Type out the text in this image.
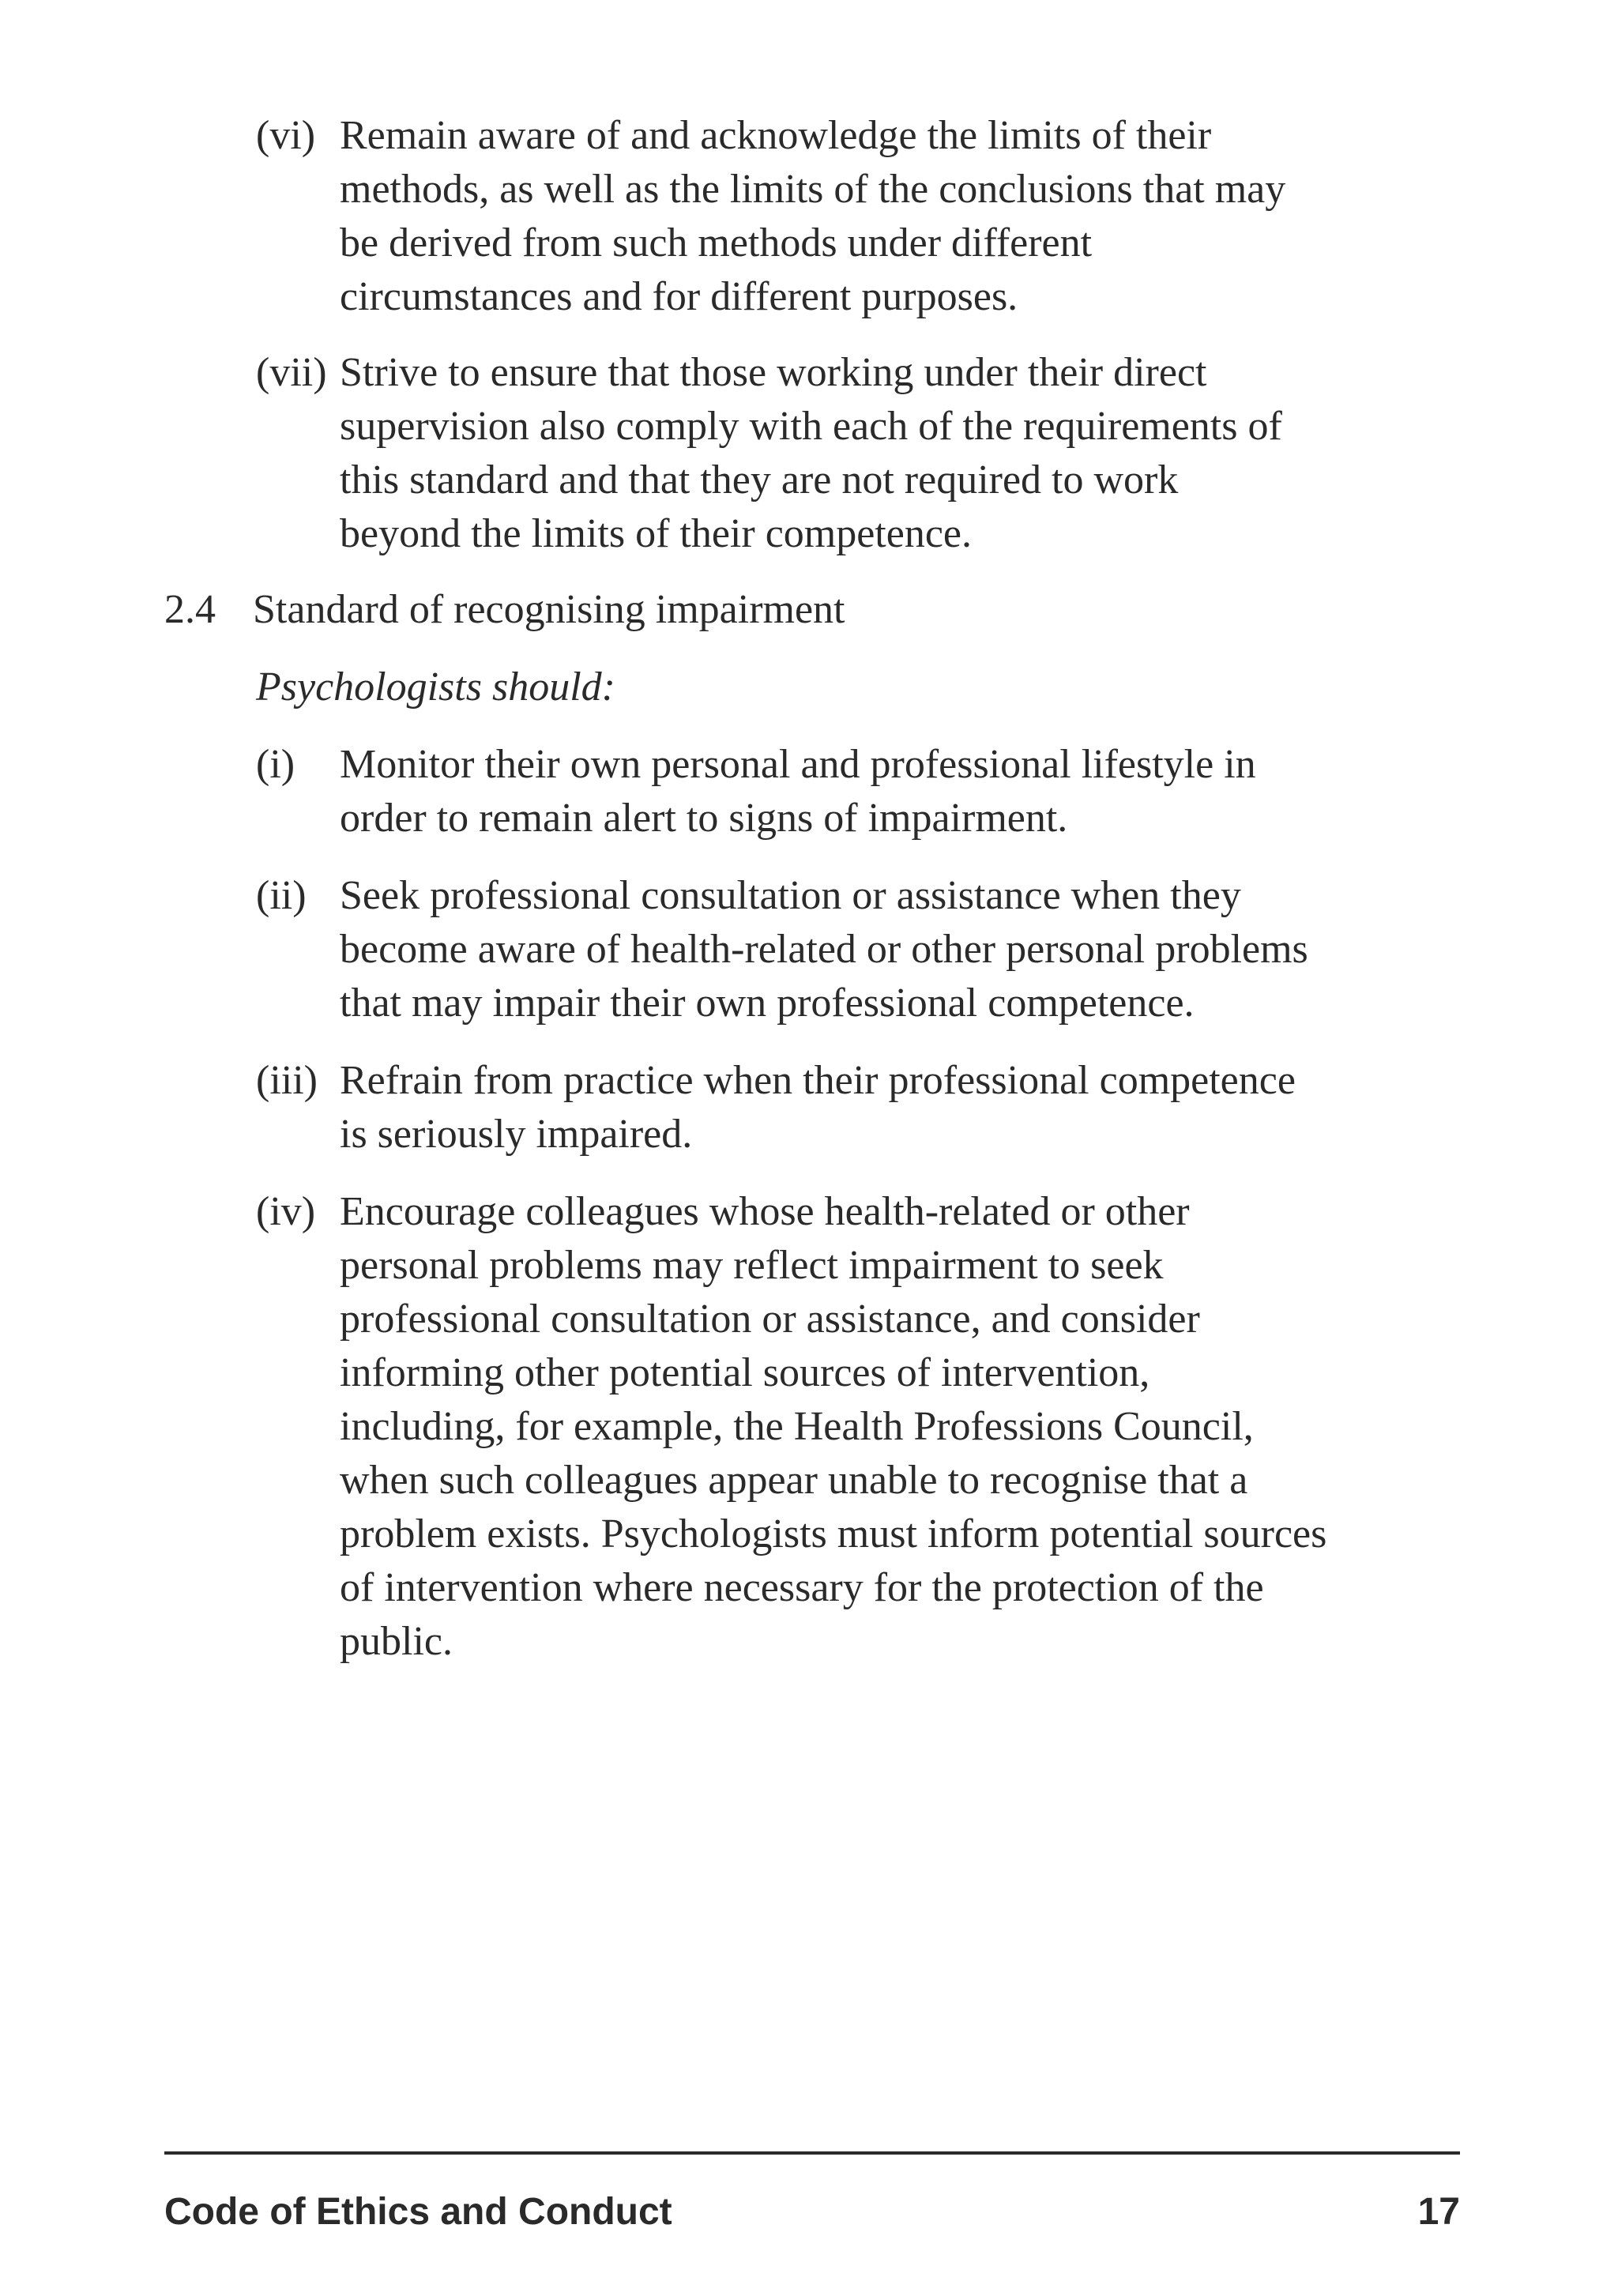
(vi) Remain aware of and acknowledge the limits of their
methods, as well as the limits of the conclusions that may
be derived from such methods under different
circumstances and for different purposes.
(vii) Strive to ensure that those working under their direct
supervision also comply with each of the requirements of
this standard and that they are not required to work
beyond the limits of their competence.
2.4 Standard of recognising impairment
Psychologists should:
(i) Monitor their own personal and professional lifestyle in
order to remain alert to signs of impairment.
(ii) Seek professional consultation or assistance when they
become aware of health-related or other personal problems
that may impair their own professional competence.
(iii) Refrain from practice when their professional competence
is seriously impaired.
(iv) Encourage colleagues whose health-related or other
personal problems may reflect impairment to seek
professional consultation or assistance, and consider
informing other potential sources of intervention,
including, for example, the Health Professions Council,
when such colleagues appear unable to recognise that a
problem exists. Psychologists must inform potential sources
of intervention where necessary for the protection of the
public.
Code of Ethics and Conduct	17
